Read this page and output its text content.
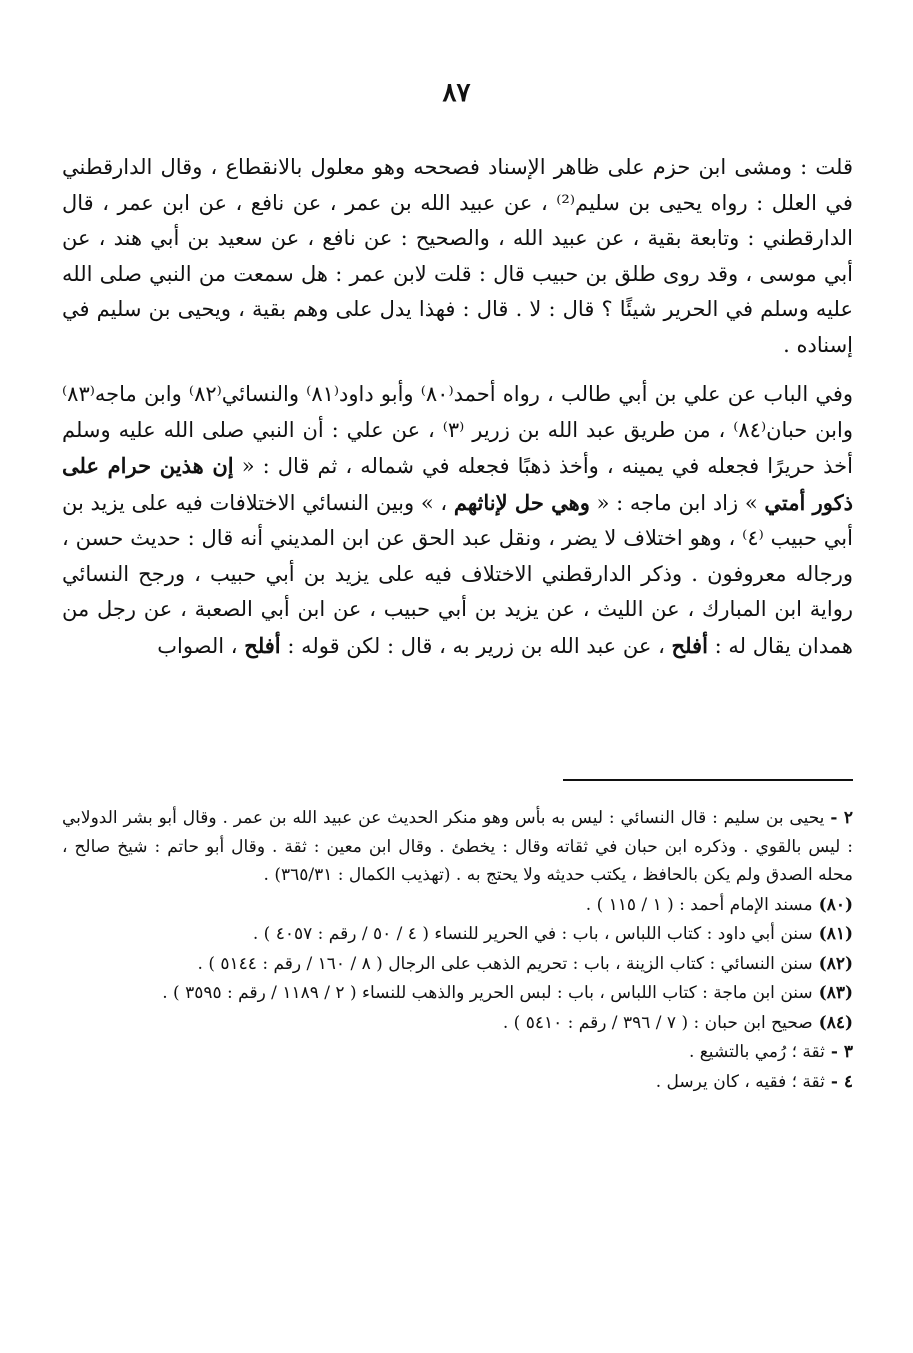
٨٧

قلت : ومشى ابن حزم على ظاهر الإسناد فصححه وهو معلول بالانقطاع ، وقال الدارقطني في العلل : رواه يحيى بن سليم⁽²⁾ ، عن عبيد الله بن عمر ، عن نافع ، عن ابن عمر ، قال الدارقطني : وتابعة بقية ، عن عبيد الله ، والصحيح : عن نافع ، عن سعيد بن أبي هند ، عن أبي موسى ، وقد روى طلق بن حبيب قال : قلت لابن عمر : هل سمعت من النبي صلى الله عليه وسلم في الحرير شيئًا ؟ قال : لا . قال : فهذا يدل على وهم بقية ، ويحيى بن سليم في إسناده .

وفي الباب عن علي بن أبي طالب ، رواه أحمد⁽٨٠⁾ وأبو داود⁽٨١⁾ والنسائي⁽٨٢⁾ وابن ماجه⁽٨٣⁾ وابن حبان⁽٨٤⁾ ، من طريق عبد الله بن زرير ⁽٣⁾ ، عن علي : أن النبي صلى الله عليه وسلم أخذ حريرًا فجعله في يمينه ، وأخذ ذهبًا فجعله في شماله ، ثم قال : « إن هذين حرام على ذكور أمتي » زاد ابن ماجه : « وهي حل لإناثهم ، » وبين النسائي الاختلافات فيه على يزيد بن أبي حبيب ⁽٤⁾ ، وهو اختلاف لا يضر ، ونقل عبد الحق عن ابن المديني أنه قال : حديث حسن ، ورجاله معروفون . وذكر الدارقطني الاختلاف فيه على يزيد بن أبي حبيب ، ورجح النسائي رواية ابن المبارك ، عن الليث ، عن يزيد بن أبي حبيب ، عن ابن أبي الصعبة ، عن رجل من همدان يقال له : أفلح ، عن عبد الله بن زرير به ، قال : لكن قوله : أفلح ، الصواب

٢ -يحيى بن سليم : قال النسائي : ليس به بأس وهو منكر الحديث عن عبيد الله بن عمر . وقال أبو بشر الدولابي : ليس بالقوي . وذكره ابن حبان في ثقاته وقال : يخطئ . وقال ابن معين : ثقة . وقال أبو حاتم : شيخ صالح ، محله الصدق ولم يكن بالحافظ ، يكتب حديثه ولا يحتج به . (تهذيب الكمال : ٣٦٥/٣١) .

(٨٠)مسند الإمام أحمد : ( ١ / ١١٥ ) .

(٨١)سنن أبي داود : كتاب اللباس ، باب : في الحرير للنساء ( ٤ / ٥٠ / رقم : ٤٠٥٧ ) .

(٨٢)سنن النسائي : كتاب الزينة ، باب : تحريم الذهب على الرجال ( ٨ / ١٦٠ / رقم : ٥١٤٤ ) .

(٨٣)سنن ابن ماجة : كتاب اللباس ، باب : لبس الحرير والذهب للنساء ( ٢ / ١١٨٩ / رقم : ٣٥٩٥ ) .

(٨٤)صحيح ابن حبان : ( ٧ / ٣٩٦ / رقم : ٥٤١٠ ) .

٣ -ثقة ؛ رُمي بالتشيع .

٤ -ثقة ؛ فقيه ، كان يرسل .
